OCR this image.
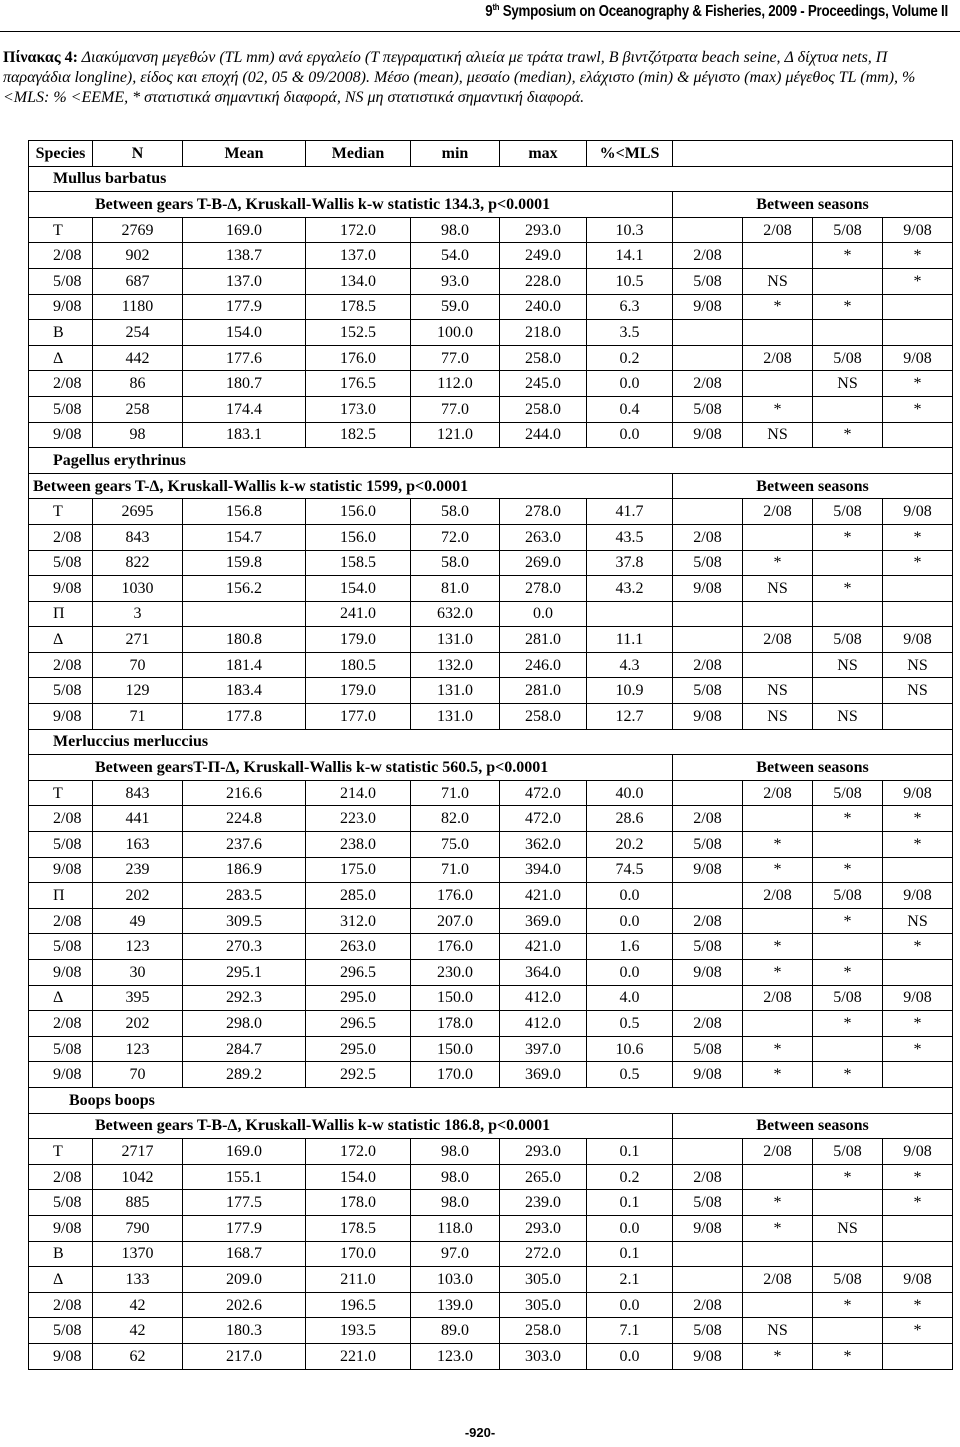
9th Symposium on Oceanography & Fisheries, 2009 - Proceedings, Volume II
Πίνακας 4: Διακύμανση μεγεθών (TL mm) ανά εργαλείο (Τ πεγραματική αλιεία με τράτα trawl, Β βιντζότρατα beach seine, Δ δίχτυα nets, Π παραγάδια longline), είδος και εποχή (02, 05 & 09/2008). Μέσο (mean), μεσαίο (median), ελάχιστο (min) & μέγιστο (max) μέγεθος TL (mm), %<MLS: % <ΕΕΜΕ, * στατιστικά σημαντική διαφορά, NS μη στατιστικά σημαντική διαφορά.
Species	N	Mean	Median	min	max	%<MLS				
Mullus barbatus										
Between gears T-B-Δ, Kruskall-Wallis k-w statistic 134.3, p<0.0001							Between seasons			
T	2769	169.0	172.0	98.0	293.0	10.3		2/08	5/08	9/08
2/08	902	138.7	137.0	54.0	249.0	14.1	2/08		*	*
5/08	687	137.0	134.0	93.0	228.0	10.5	5/08	NS		*
9/08	1180	177.9	178.5	59.0	240.0	6.3	9/08	*	*	
B	254	154.0	152.5	100.0	218.0	3.5				
Δ	442	177.6	176.0	77.0	258.0	0.2		2/08	5/08	9/08
2/08	86	180.7	176.5	112.0	245.0	0.0	2/08		NS	*
5/08	258	174.4	173.0	77.0	258.0	0.4	5/08	*		*
9/08	98	183.1	182.5	121.0	244.0	0.0	9/08	NS	*	
Pagellus erythrinus										
Between gears T-Δ, Kruskall-Wallis k-w statistic 1599, p<0.0001							Between seasons			
T	2695	156.8	156.0	58.0	278.0	41.7		2/08	5/08	9/08
2/08	843	154.7	156.0	72.0	263.0	43.5	2/08		*	*
5/08	822	159.8	158.5	58.0	269.0	37.8	5/08	*		*
9/08	1030	156.2	154.0	81.0	278.0	43.2	9/08	NS	*	
Π	3		241.0	632.0	0.0					
Δ	271	180.8	179.0	131.0	281.0	11.1		2/08	5/08	9/08
2/08	70	181.4	180.5	132.0	246.0	4.3	2/08		NS	NS
5/08	129	183.4	179.0	131.0	281.0	10.9	5/08	NS		NS
9/08	71	177.8	177.0	131.0	258.0	12.7	9/08	NS	NS	
Merluccius merluccius										
Between gearsT-Π-Δ, Kruskall-Wallis k-w statistic 560.5, p<0.0001							Between seasons			
T	843	216.6	214.0	71.0	472.0	40.0		2/08	5/08	9/08
2/08	441	224.8	223.0	82.0	472.0	28.6	2/08		*	*
5/08	163	237.6	238.0	75.0	362.0	20.2	5/08	*		*
9/08	239	186.9	175.0	71.0	394.0	74.5	9/08	*	*	
Π	202	283.5	285.0	176.0	421.0	0.0		2/08	5/08	9/08
2/08	49	309.5	312.0	207.0	369.0	0.0	2/08		*	NS
5/08	123	270.3	263.0	176.0	421.0	1.6	5/08	*		*
9/08	30	295.1	296.5	230.0	364.0	0.0	9/08	*	*	
Δ	395	292.3	295.0	150.0	412.0	4.0		2/08	5/08	9/08
2/08	202	298.0	296.5	178.0	412.0	0.5	2/08		*	*
5/08	123	284.7	295.0	150.0	397.0	10.6	5/08	*		*
9/08	70	289.2	292.5	170.0	369.0	0.5	9/08	*	*	
Boops boops										
Between gears T-B-Δ, Kruskall-Wallis k-w statistic 186.8, p<0.0001							Between seasons			
T	2717	169.0	172.0	98.0	293.0	0.1		2/08	5/08	9/08
2/08	1042	155.1	154.0	98.0	265.0	0.2	2/08		*	*
5/08	885	177.5	178.0	98.0	239.0	0.1	5/08	*		*
9/08	790	177.9	178.5	118.0	293.0	0.0	9/08	*	NS	
B	1370	168.7	170.0	97.0	272.0	0.1				
Δ	133	209.0	211.0	103.0	305.0	2.1		2/08	5/08	9/08
2/08	42	202.6	196.5	139.0	305.0	0.0	2/08		*	*
5/08	42	180.3	193.5	89.0	258.0	7.1	5/08	NS		*
9/08	62	217.0	221.0	123.0	303.0	0.0	9/08	*	*	
-920-
